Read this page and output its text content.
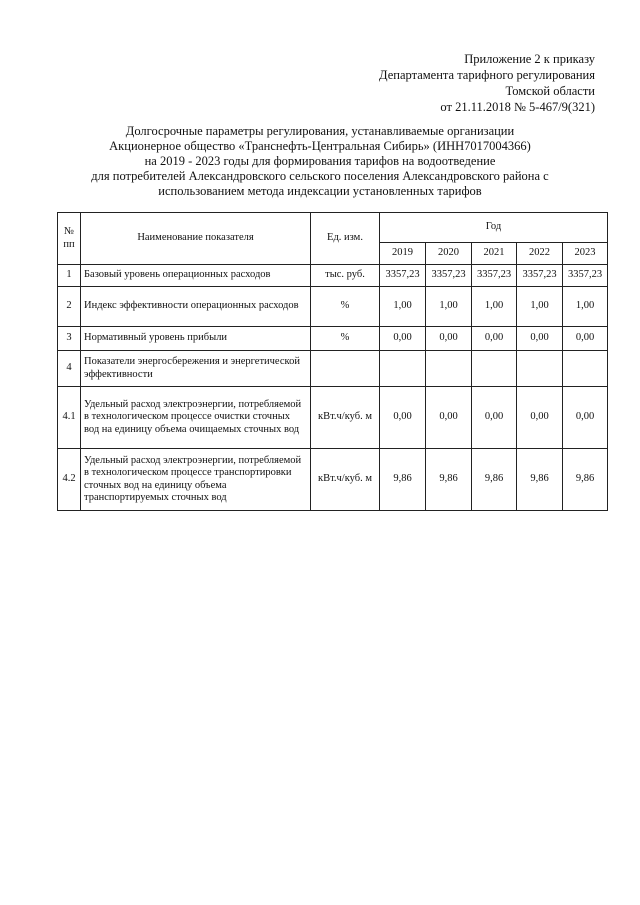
Приложение 2 к приказу
Департамента тарифного регулирования
Томской области
от 21.11.2018 № 5-467/9(321)
Долгосрочные параметры регулирования, устанавливаемые организации
Акционерное общество «Транснефть-Центральная Сибирь» (ИНН7017004366)
на 2019 - 2023 годы для формирования тарифов на водоотведение
для потребителей Александровского сельского поселения Александровского района с
использованием метода индексации установленных тарифов
№ пп	Наименование показателя	Ед. изм.	Год				
			2019	2020	2021	2022	2023
1	Базовый уровень операционных расходов	тыс. руб.	3357,23	3357,23	3357,23	3357,23	3357,23
2	Индекс эффективности операционных расходов	%	1,00	1,00	1,00	1,00	1,00
3	Нормативный уровень прибыли	%	0,00	0,00	0,00	0,00	0,00
4	Показатели энергосбережения и энергетической эффективности						
4.1	Удельный расход электроэнергии, потребляемой в технологическом процессе очистки сточных вод на единицу объема очищаемых сточных вод	кВт.ч/куб. м	0,00	0,00	0,00	0,00	0,00
4.2	Удельный расход электроэнергии, потребляемой в технологическом процессе транспортировки сточных вод на единицу объема транспортируемых сточных вод	кВт.ч/куб. м	9,86	9,86	9,86	9,86	9,86
